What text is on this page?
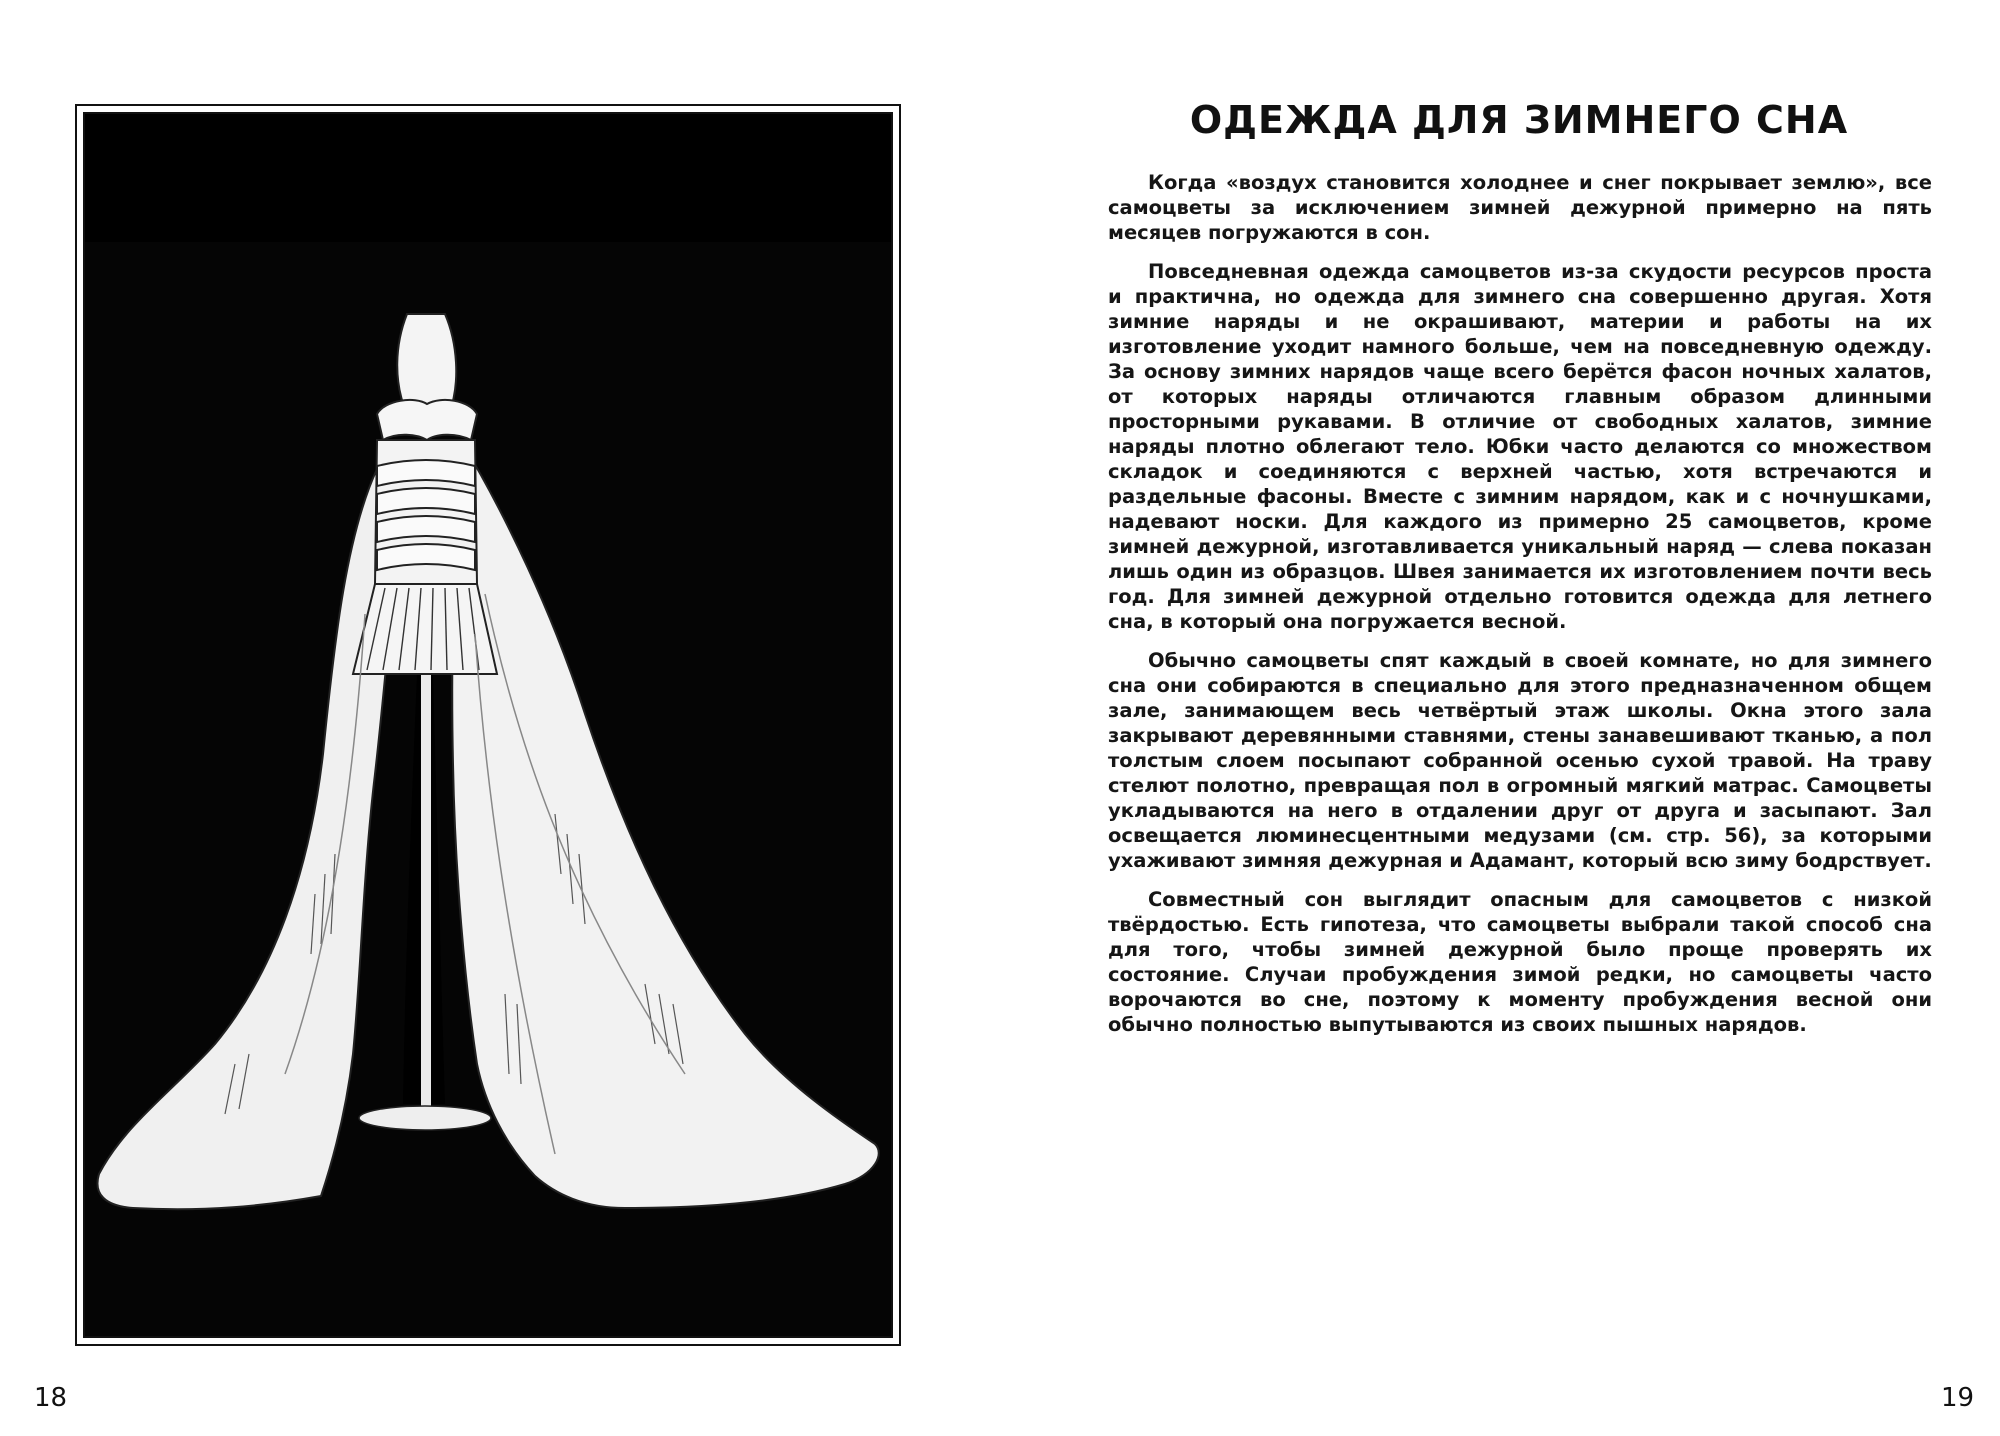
18
ОДЕЖДА ДЛЯ ЗИМНЕГО СНА

Когда «воздух становится холоднее и снег покрывает землю», все самоцветы за исключением зимней дежурной примерно на пять месяцев погружаются в сон.

Повседневная одежда самоцветов из-за скудости ресурсов проста и практична, но одежда для зимнего сна совершенно другая. Хотя зимние наряды и не окрашивают, материи и работы на их изготовление уходит намного больше, чем на повседневную одежду. За основу зимних нарядов чаще всего берётся фасон ночных халатов, от которых наряды отличаются главным образом длинными просторными рукавами. В отличие от свободных халатов, зимние наряды плотно облегают тело. Юбки часто делаются со множеством складок и соединяются с верхней частью, хотя встречаются и раздельные фасоны. Вместе с зимним нарядом, как и с ночнушками, надевают носки. Для каждого из примерно 25 самоцветов, кроме зимней дежурной, изготавливается уникальный наряд — слева показан лишь один из образцов. Швея занимается их изготовлением почти весь год. Для зимней дежурной отдельно готовится одежда для летнего сна, в который она погружается весной.

Обычно самоцветы спят каждый в своей комнате, но для зимнего сна они собираются в специально для этого предназначенном общем зале, занимающем весь четвёртый этаж школы. Окна этого зала закрывают деревянными ставнями, стены занавешивают тканью, а пол толстым слоем посыпают собранной осенью сухой травой. На траву стелют полотно, превращая пол в огромный мягкий матрас. Самоцветы укладываются на него в отдалении друг от друга и засыпают. Зал освещается люминесцентными медузами (см. стр. 56), за которыми ухаживают зимняя дежурная и Адамант, который всю зиму бодрствует.

Совместный сон выглядит опасным для самоцветов с низкой твёрдостью. Есть гипотеза, что самоцветы выбрали такой способ сна для того, чтобы зимней дежурной было проще проверять их состояние. Случаи пробуждения зимой редки, но самоцветы часто ворочаются во сне, поэтому к моменту пробуждения весной они обычно полностью выпутываются из своих пышных нарядов.

19
